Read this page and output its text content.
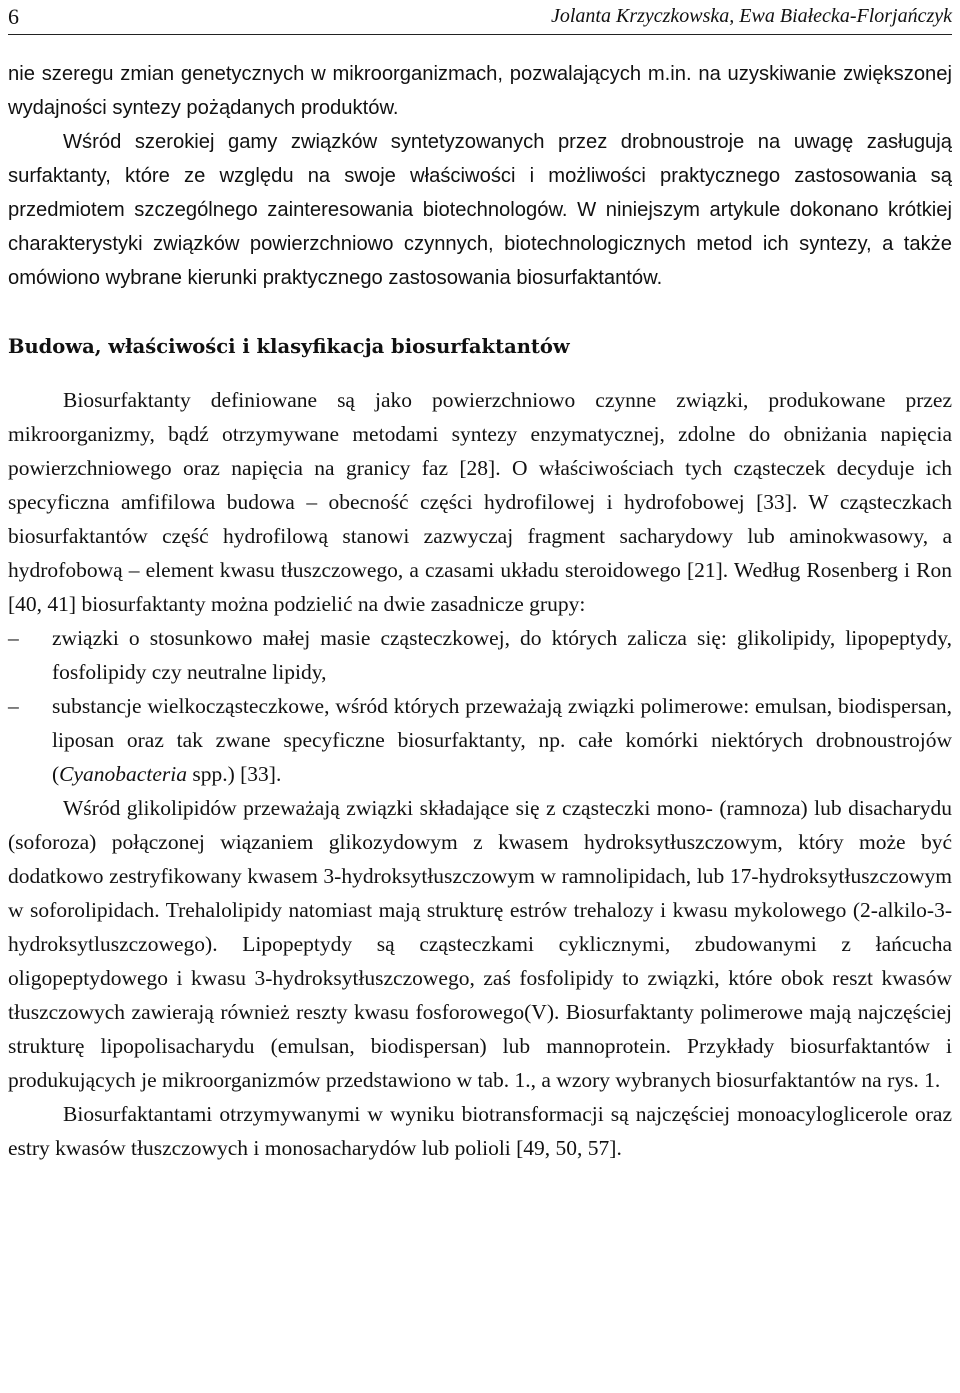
6	Jolanta Krzyczkowska, Ewa Białecka-Florjańczyk

nie szeregu zmian genetycznych w mikroorganizmach, pozwalających m.in. na uzyskiwanie zwiększonej wydajności syntezy pożądanych produktów.

Wśród szerokiej gamy związków syntetyzowanych przez drobnoustroje na uwagę zasługują surfaktanty, które ze względu na swoje właściwości i możliwości praktycznego zastosowania są przedmiotem szczególnego zainteresowania biotechnologów. W niniejszym artykule dokonano krótkiej charakterystyki związków powierzchniowo czynnych, biotechnologicznych metod ich syntezy, a także omówiono wybrane kierunki praktycznego zastosowania biosurfaktantów.

Budowa, właściwości i klasyfikacja biosurfaktantów

Biosurfaktanty definiowane są jako powierzchniowo czynne związki, produkowane przez mikroorganizmy, bądź otrzymywane metodami syntezy enzymatycznej, zdolne do obniżania napięcia powierzchniowego oraz napięcia na granicy faz [28]. O właściwościach tych cząsteczek decyduje ich specyficzna amfifilowa budowa – obecność części hydrofilowej i hydrofobowej [33]. W cząsteczkach biosurfaktantów część hydrofilową stanowi zazwyczaj fragment sacharydowy lub aminokwasowy, a hydrofobową – element kwasu tłuszczowego, a czasami układu steroidowego [21]. Według Rosenberg i Ron [40, 41] biosurfaktanty można podzielić na dwie zasadnicze grupy:

– związki o stosunkowo małej masie cząsteczkowej, do których zalicza się: glikolipidy, lipopeptydy, fosfolipidy czy neutralne lipidy,
– substancje wielkocząsteczkowe, wśród których przeważają związki polimerowe: emulsan, biodispersan, liposan oraz tak zwane specyficzne biosurfaktanty, np. całe komórki niektórych drobnoustrojów (Cyanobacteria spp.) [33].

Wśród glikolipidów przeważają związki składające się z cząsteczki mono- (ramnoza) lub disacharydu (soforoza) połączonej wiązaniem glikozydowym z kwasem hydroksytłuszczowym, który może być dodatkowo zestryfikowany kwasem 3-hydroksytłuszczowym w ramnolipidach, lub 17-hydroksytłuszczowym w soforolipidach. Trehalolipidy natomiast mają strukturę estrów trehalozy i kwasu mykolowego (2-alkilo-3-hydroksytluszczowego). Lipopeptydy są cząsteczkami cyklicznymi, zbudowanymi z łańcucha oligopeptydowego i kwasu 3-hydroksytłuszczowego, zaś fosfolipidy to związki, które obok reszt kwasów tłuszczowych zawierają również reszty kwasu fosforowego(V). Biosurfaktanty polimerowe mają najczęściej strukturę lipopolisacharydu (emulsan, biodispersan) lub mannoprotein. Przykłady biosurfaktantów i produkujących je mikroorganizmów przedstawiono w tab. 1., a wzory wybranych biosurfaktantów na rys. 1.

Biosurfaktantami otrzymywanymi w wyniku biotransformacji są najczęściej monoacyloglicerole oraz estry kwasów tłuszczowych i monosacharydów lub polioli [49, 50, 57].
